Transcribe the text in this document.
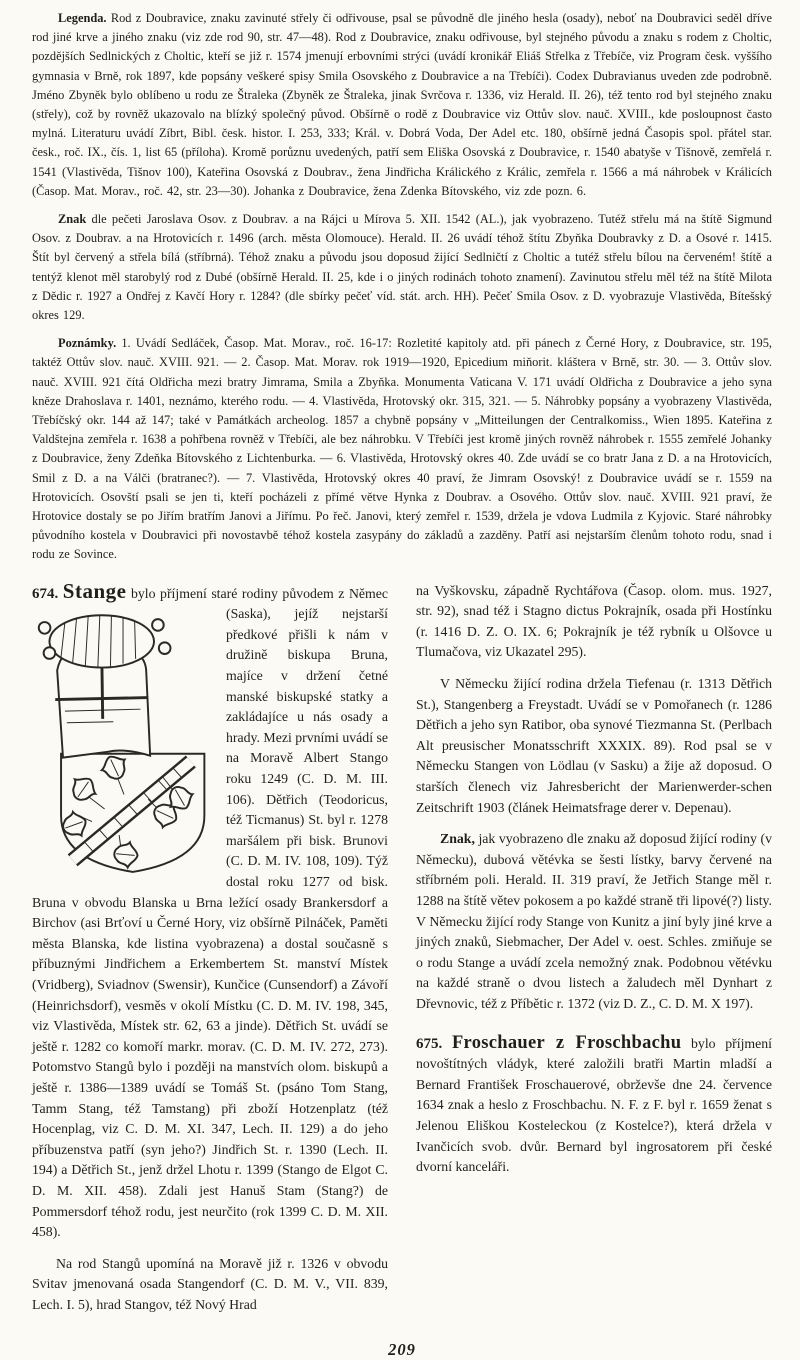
Legenda. Rod z Doubravice, znaku zavinuté střely či odřivouse, psal se původně dle jiného hesla (osady), neboť na Doubravici seděl dříve rod jiné krve a jiného znaku (viz zde rod 90, str. 47—48). Rod z Doubravice, znaku odřivouse, byl stejného původu a znaku s rodem z Choltic, pozdějších Sedlnických z Choltic, kteří se již r. 1574 jmenují erbovními strýci (uvádí kronikář Eliáš Střelka z Třebíče, viz Program česk. vyššího gymnasia v Brně, rok 1897, kde popsány veškeré spisy Smila Osovského z Doubravice a na Třebíči). Codex Dubravianus uveden zde podrobně. Jméno Zbyněk bylo oblíbeno u rodu ze Štraleka (Zbyněk ze Štraleka, jinak Svrčova r. 1336, viz Herald. II. 26), též tento rod byl stejného znaku (střely), což by rovněž ukazovalo na blízký společný původ. Obšírně o rodě z Doubravice viz Ottův slov. nauč. XVIII., kde posloupnost často mylná. Literaturu uvádí Zíbrt, Bibl. česk. histor. I. 253, 333; Král. v. Dobrá Voda, Der Adel etc. 180, obšírně jedná Časopis spol. přátel star. česk., roč. IX., čís. 1, list 65 (příloha). Kromě porůznu uvedených, patří sem Eliška Osovská z Doubravice, r. 1540 abatyše v Tišnově, zemřelá r. 1541 (Vlastivěda, Tišnov 100), Kateřina Osovská z Doubrav., žena Jindřicha Králického z Králic, zemřela r. 1566 a má náhrobek v Králicích (Časop. Mat. Morav., roč. 42, str. 23—30). Johanka z Doubravice, žena Zdenka Bítovského, viz zde pozn. 6.

Znak dle pečeti Jaroslava Osov. z Doubrav. a na Rájci u Mírova 5. XII. 1542 (AL.), jak vyobrazeno. Tutéž střelu má na štítě Sigmund Osov. z Doubrav. a na Hrotovicích r. 1496 (arch. města Olomouce). Herald. II. 26 uvádí téhož štítu Zbyňka Doubravky z D. a Osové r. 1415. Štít byl červený a střela bílá (stříbrná). Téhož znaku a původu jsou doposud žijící Sedlničtí z Choltic a tutéž střelu bílou na červeném! štítě a tentýž klenot měl starobylý rod z Dubé (obšírně Herald. II. 25, kde i o jiných rodinách tohoto znamení). Zavinutou střelu měl též na štítě Milota z Dědic r. 1927 a Ondřej z Kavčí Hory r. 1284? (dle sbírky pečeť víd. stát. arch. HH). Pečeť Smila Osov. z D. vyobrazuje Vlastivěda, Bítešský okres 129.

Poznámky. 1. Uvádí Sedláček, Časop. Mat. Morav., roč. 16-17: Rozletité kapitoly atd. při pánech z Černé Hory, z Doubravice, str. 195, taktéž Ottův slov. nauč. XVIII. 921. — 2. Časop. Mat. Morav. rok 1919—1920, Epicedium miňorit. kláštera v Brně, str. 30. — 3. Ottův slov. nauč. XVIII. 921 čítá Oldřicha mezi bratry Jimrama, Smila a Zbyňka. Monumenta Vaticana V. 171 uvádí Oldřicha z Doubravice a jeho syna kněze Drahoslava r. 1401, neznámo, kterého rodu. — 4. Vlastivěda, Hrotovský okr. 315, 321. — 5. Náhrobky popsány a vyobrazeny Vlastivěda, Třebíčský okr. 144 až 147; také v Památkách archeolog. 1857 a chybně popsány v „Mitteilungen der Centralkomiss., Wien 1895. Kateřina z Valdštejna zemřela r. 1638 a pohřbena rovněž v Třebíči, ale bez náhrobku. V Třebíči jest kromě jiných rovněž náhrobek r. 1555 zemřelé Johanky z Doubravice, ženy Zdeňka Bítovského z Lichtenburka. — 6. Vlastivěda, Hrotovský okres 40. Zde uvádí se co bratr Jana z D. a na Hrotovicích, Smil z D. a na Válči (bratranec?). — 7. Vlastivěda, Hrotovský okres 40 praví, že Jimram Osovský! z Doubravice uvádí se r. 1559 na Hrotovicích. Osovští psali se jen ti, kteří pocházeli z přímé větve Hynka z Doubrav. a Osového. Ottův slov. nauč. XVIII. 921 praví, že Hrotovice dostaly se po Jiřím bratřím Janovi a Jiřímu. Po řeč. Janovi, který zemřel r. 1539, držela je vdova Ludmila z Kyjovic. Staré náhrobky původního kostela v Doubravici při novostavbě téhož kostela zasypány do základů a zazděny. Patří asi nejstarším členům tohoto rodu, snad i rodu ze Sovince.

674. Stange bylo příjmení staré rodiny původem z Němec (Saska), jejíž nejstarší předkové přišli k nám v družině biskupa Bruna, majíce v držení četné manské biskupské statky a zakládajíce u nás osady a hrady. Mezi prvními uvádí se na Moravě Albert Stango roku 1249 (C. D. M. III. 106). Dětřich (Teodoricus, též Ticmanus) St. byl r. 1278 maršálem při bisk. Brunovi (C. D. M. IV. 108, 109). Týž dostal roku 1277 od bisk. Bruna v obvodu Blanska u Brna ležící osady Brankersdorf a Birchov (asi Brťoví u Černé Hory, viz obšírně Pilnáček, Paměti města Blanska, kde listina vyobrazena) a dostal současně s příbuznými Jindřichem a Erkembertem St. manství Místek (Vridberg), Sviadnov (Swensir), Kunčice (Cunsendorf) a Závoří (Heinrichsdorf), vesměs v okolí Místku (C. D. M. IV. 198, 345, viz Vlastivěda, Místek str. 62, 63 a jinde). Dětřich St. uvádí se ještě r. 1282 co komoří markr. morav. (C. D. M. IV. 272, 273). Potomstvo Stangů bylo i později na manstvích olom. biskupů a ještě r. 1386—1389 uvádí se Tomáš St. (psáno Tom Stang, Tamm Stang, též Tamstang) při zboží Hotzenplatz (též Hocenplag, viz C. D. M. XI. 347, Lech. II. 129) a do jeho příbuzenstva patří (syn jeho?) Jindřich St. r. 1390 (Lech. II. 194) a Dětřich St., jenž držel Lhotu r. 1399 (Stango de Elgot C. D. M. XII. 458). Zdali jest Hanuš Stam (Stang?) de Pommersdorf téhož rodu, jest neurčito (rok 1399 C. D. M. XII. 458).

Na rod Stangů upomíná na Moravě již r. 1326 v obvodu Svitav jmenovaná osada Stangendorf (C. D. M. V., VII. 839, Lech. I. 5), hrad Stangov, též Nový Hrad

na Vyškovsku, západně Rychtářova (Časop. olom. mus. 1927, str. 92), snad též i Stagno dictus Pokrajník, osada při Hostínku (r. 1416 D. Z. O. IX. 6; Pokrajník je též rybník u Olšovce u Tlumačova, viz Ukazatel 295).

V Německu žijící rodina držela Tiefenau (r. 1313 Dětřich St.), Stangenberg a Freystadt. Uvádí se v Pomořanech (r. 1286 Dětřich a jeho syn Ratibor, oba synové Tiezmanna St. (Perlbach Alt preusischer Monatsschrift XXXIX. 89). Rod psal se v Německu Stangen von Lödlau (v Sasku) a žije až doposud. O starších členech viz Jahresbericht der Marienwerder-schen Zeitschrift 1903 (článek Heimatsfrage derer v. Depenau).

Znak, jak vyobrazeno dle znaku až doposud žijící rodiny (v Německu), dubová větévka se šesti lístky, barvy červené na stříbrném poli. Herald. II. 319 praví, že Jetřich Stange měl r. 1288 na štítě větev pokosem a po každé straně tři lipové(?) listy. V Německu žijící rody Stange von Kunitz a jiní byly jiné krve a jiných znaků, Siebmacher, Der Adel v. oest. Schles. zmiňuje se o rodu Stange a uvádí zcela nemožný znak. Podobnou větévku na každé straně o dvou listech a žaludech měl Dynhart z Dřevnovic, též z Příbětic r. 1372 (viz D. Z., C. D. M. X 197).

675. Froschauer z Froschbachu bylo příjmení novoštítných vládyk, které založili bratři Martin mladší a Bernard František Froschauerové, obrževše dne 24. července 1634 znak a heslo z Froschbachu. N. F. z F. byl r. 1659 ženat s Jelenou Eliškou Kosteleckou (z Kostelce?), která držela v Ivančicích svob. dvůr. Bernard byl ingrosatorem při české dvorní kanceláři.

209
